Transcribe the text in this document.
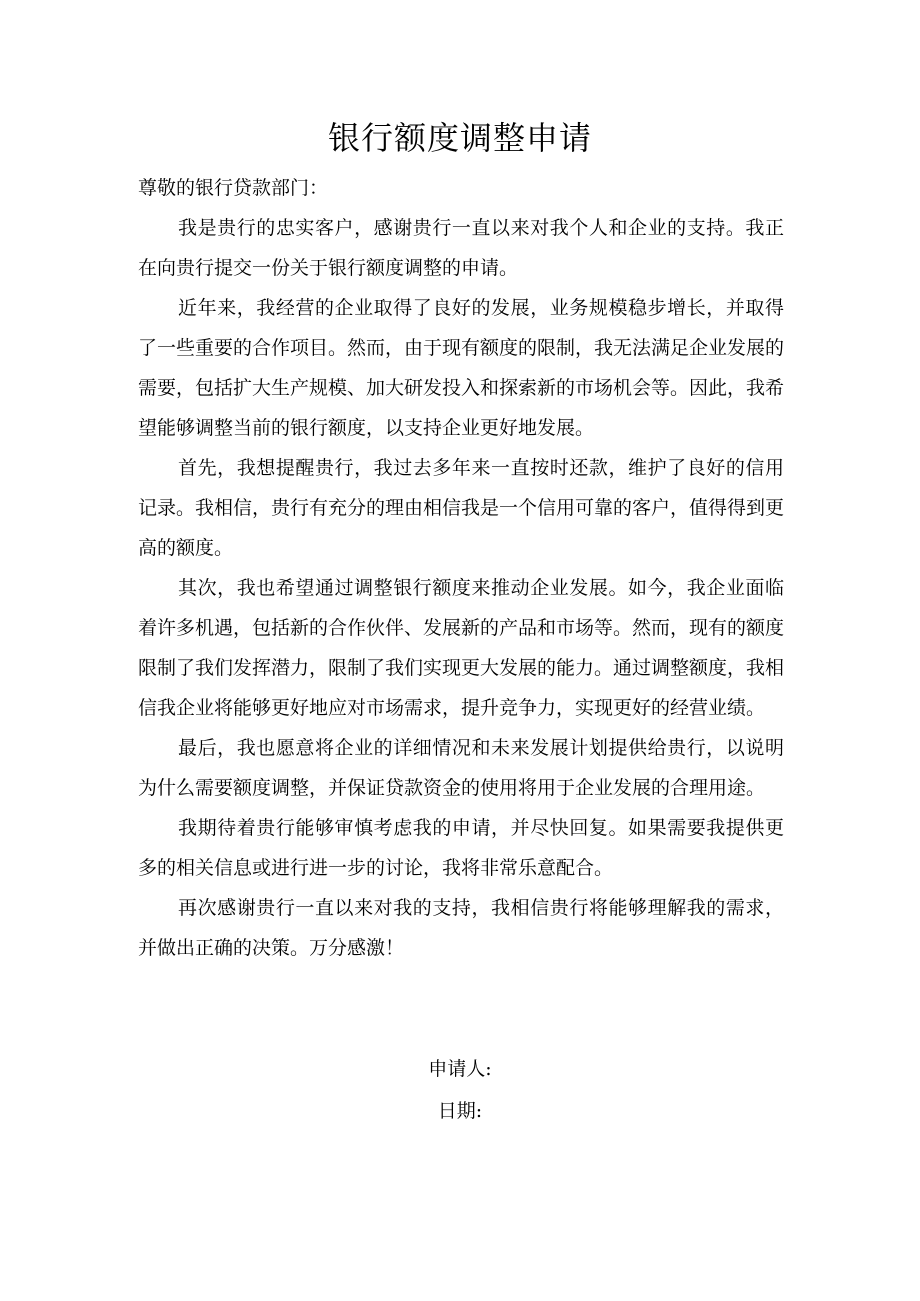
银行额度调整申请

尊敬的银行贷款部门：

我是贵行的忠实客户，感谢贵行一直以来对我个人和企业的支持。我正在向贵行提交一份关于银行额度调整的申请。

近年来，我经营的企业取得了良好的发展，业务规模稳步增长，并取得了一些重要的合作项目。然而，由于现有额度的限制，我无法满足企业发展的需要，包括扩大生产规模、加大研发投入和探索新的市场机会等。因此，我希望能够调整当前的银行额度，以支持企业更好地发展。

首先，我想提醒贵行，我过去多年来一直按时还款，维护了良好的信用记录。我相信，贵行有充分的理由相信我是一个信用可靠的客户，值得得到更高的额度。

其次，我也希望通过调整银行额度来推动企业发展。如今，我企业面临着许多机遇，包括新的合作伙伴、发展新的产品和市场等。然而，现有的额度限制了我们发挥潜力，限制了我们实现更大发展的能力。通过调整额度，我相信我企业将能够更好地应对市场需求，提升竞争力，实现更好的经营业绩。

最后，我也愿意将企业的详细情况和未来发展计划提供给贵行，以说明为什么需要额度调整，并保证贷款资金的使用将用于企业发展的合理用途。

我期待着贵行能够审慎考虑我的申请，并尽快回复。如果需要我提供更多的相关信息或进行进一步的讨论，我将非常乐意配合。

再次感谢贵行一直以来对我的支持，我相信贵行将能够理解我的需求，并做出正确的决策。万分感激！

申请人:

日期:
